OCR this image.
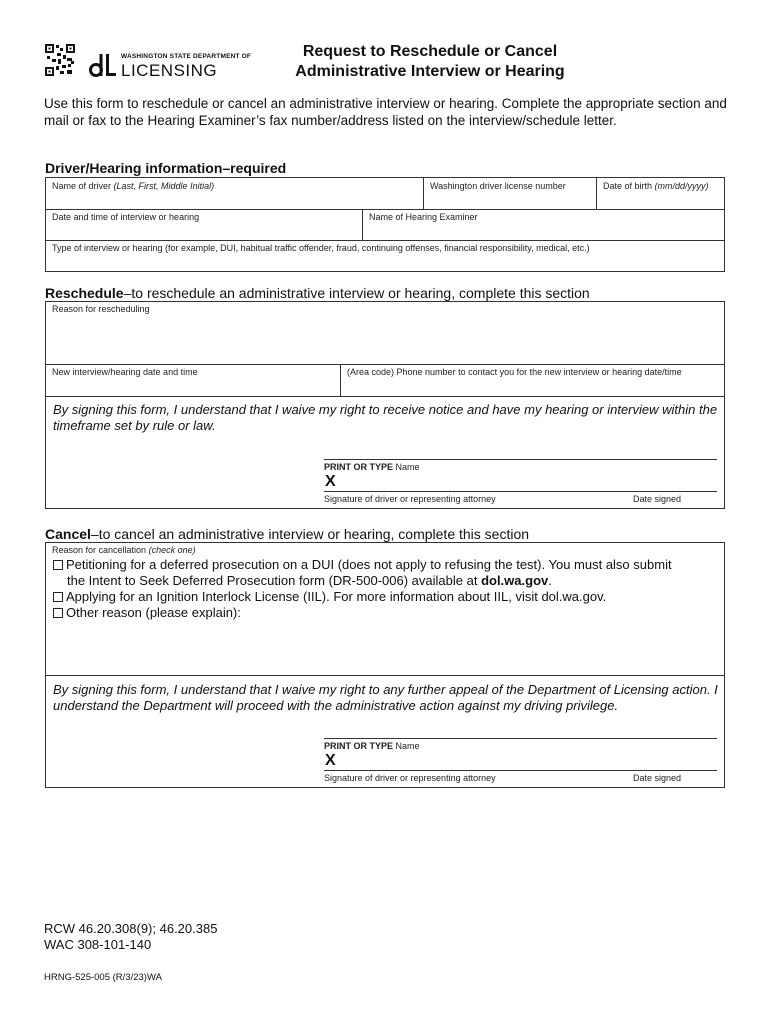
WASHINGTON STATE DEPARTMENT OF
LICENSING
Request to Reschedule or Cancel
Administrative Interview or Hearing
Use this form to reschedule or cancel an administrative interview or hearing. Complete the appropriate section and mail or fax to the Hearing Examiner’s fax number/address listed on the interview/schedule letter.
Driver/Hearing information–required
Name of driver (Last, First, Middle Initial)	Washington driver license number	Date of birth (mm/dd/yyyy)
Date and time of interview or hearing	Name of Hearing Examiner
Type of interview or hearing (for example, DUI, habitual traffic offender, fraud, continuing offenses, financial responsibility, medical, etc.)
Reschedule–to reschedule an administrative interview or hearing, complete this section
Reason for rescheduling
New interview/hearing date and time	(Area code) Phone number to contact you for the new interview or hearing date/time
By signing this form, I understand that I waive my right to receive notice and have my hearing or interview within the timeframe set by rule or law.
PRINT OR TYPE Name
X
Signature of driver or representing attorney	Date signed
Cancel–to cancel an administrative interview or hearing, complete this section
Reason for cancellation (check one)
Petitioning for a deferred prosecution on a DUI (does not apply to refusing the test). You must also submit
the Intent to Seek Deferred Prosecution form (DR-500-006) available at dol.wa.gov.
Applying for an Ignition Interlock License (IIL). For more information about IIL, visit dol.wa.gov.
Other reason (please explain):
By signing this form, I understand that I waive my right to any further appeal of the Department of Licensing action. I understand the Department will proceed with the administrative action against my driving privilege.
PRINT OR TYPE Name
X
Signature of driver or representing attorney	Date signed
RCW 46.20.308(9); 46.20.385
WAC 308-101-140
HRNG-525-005 (R/3/23)WA
